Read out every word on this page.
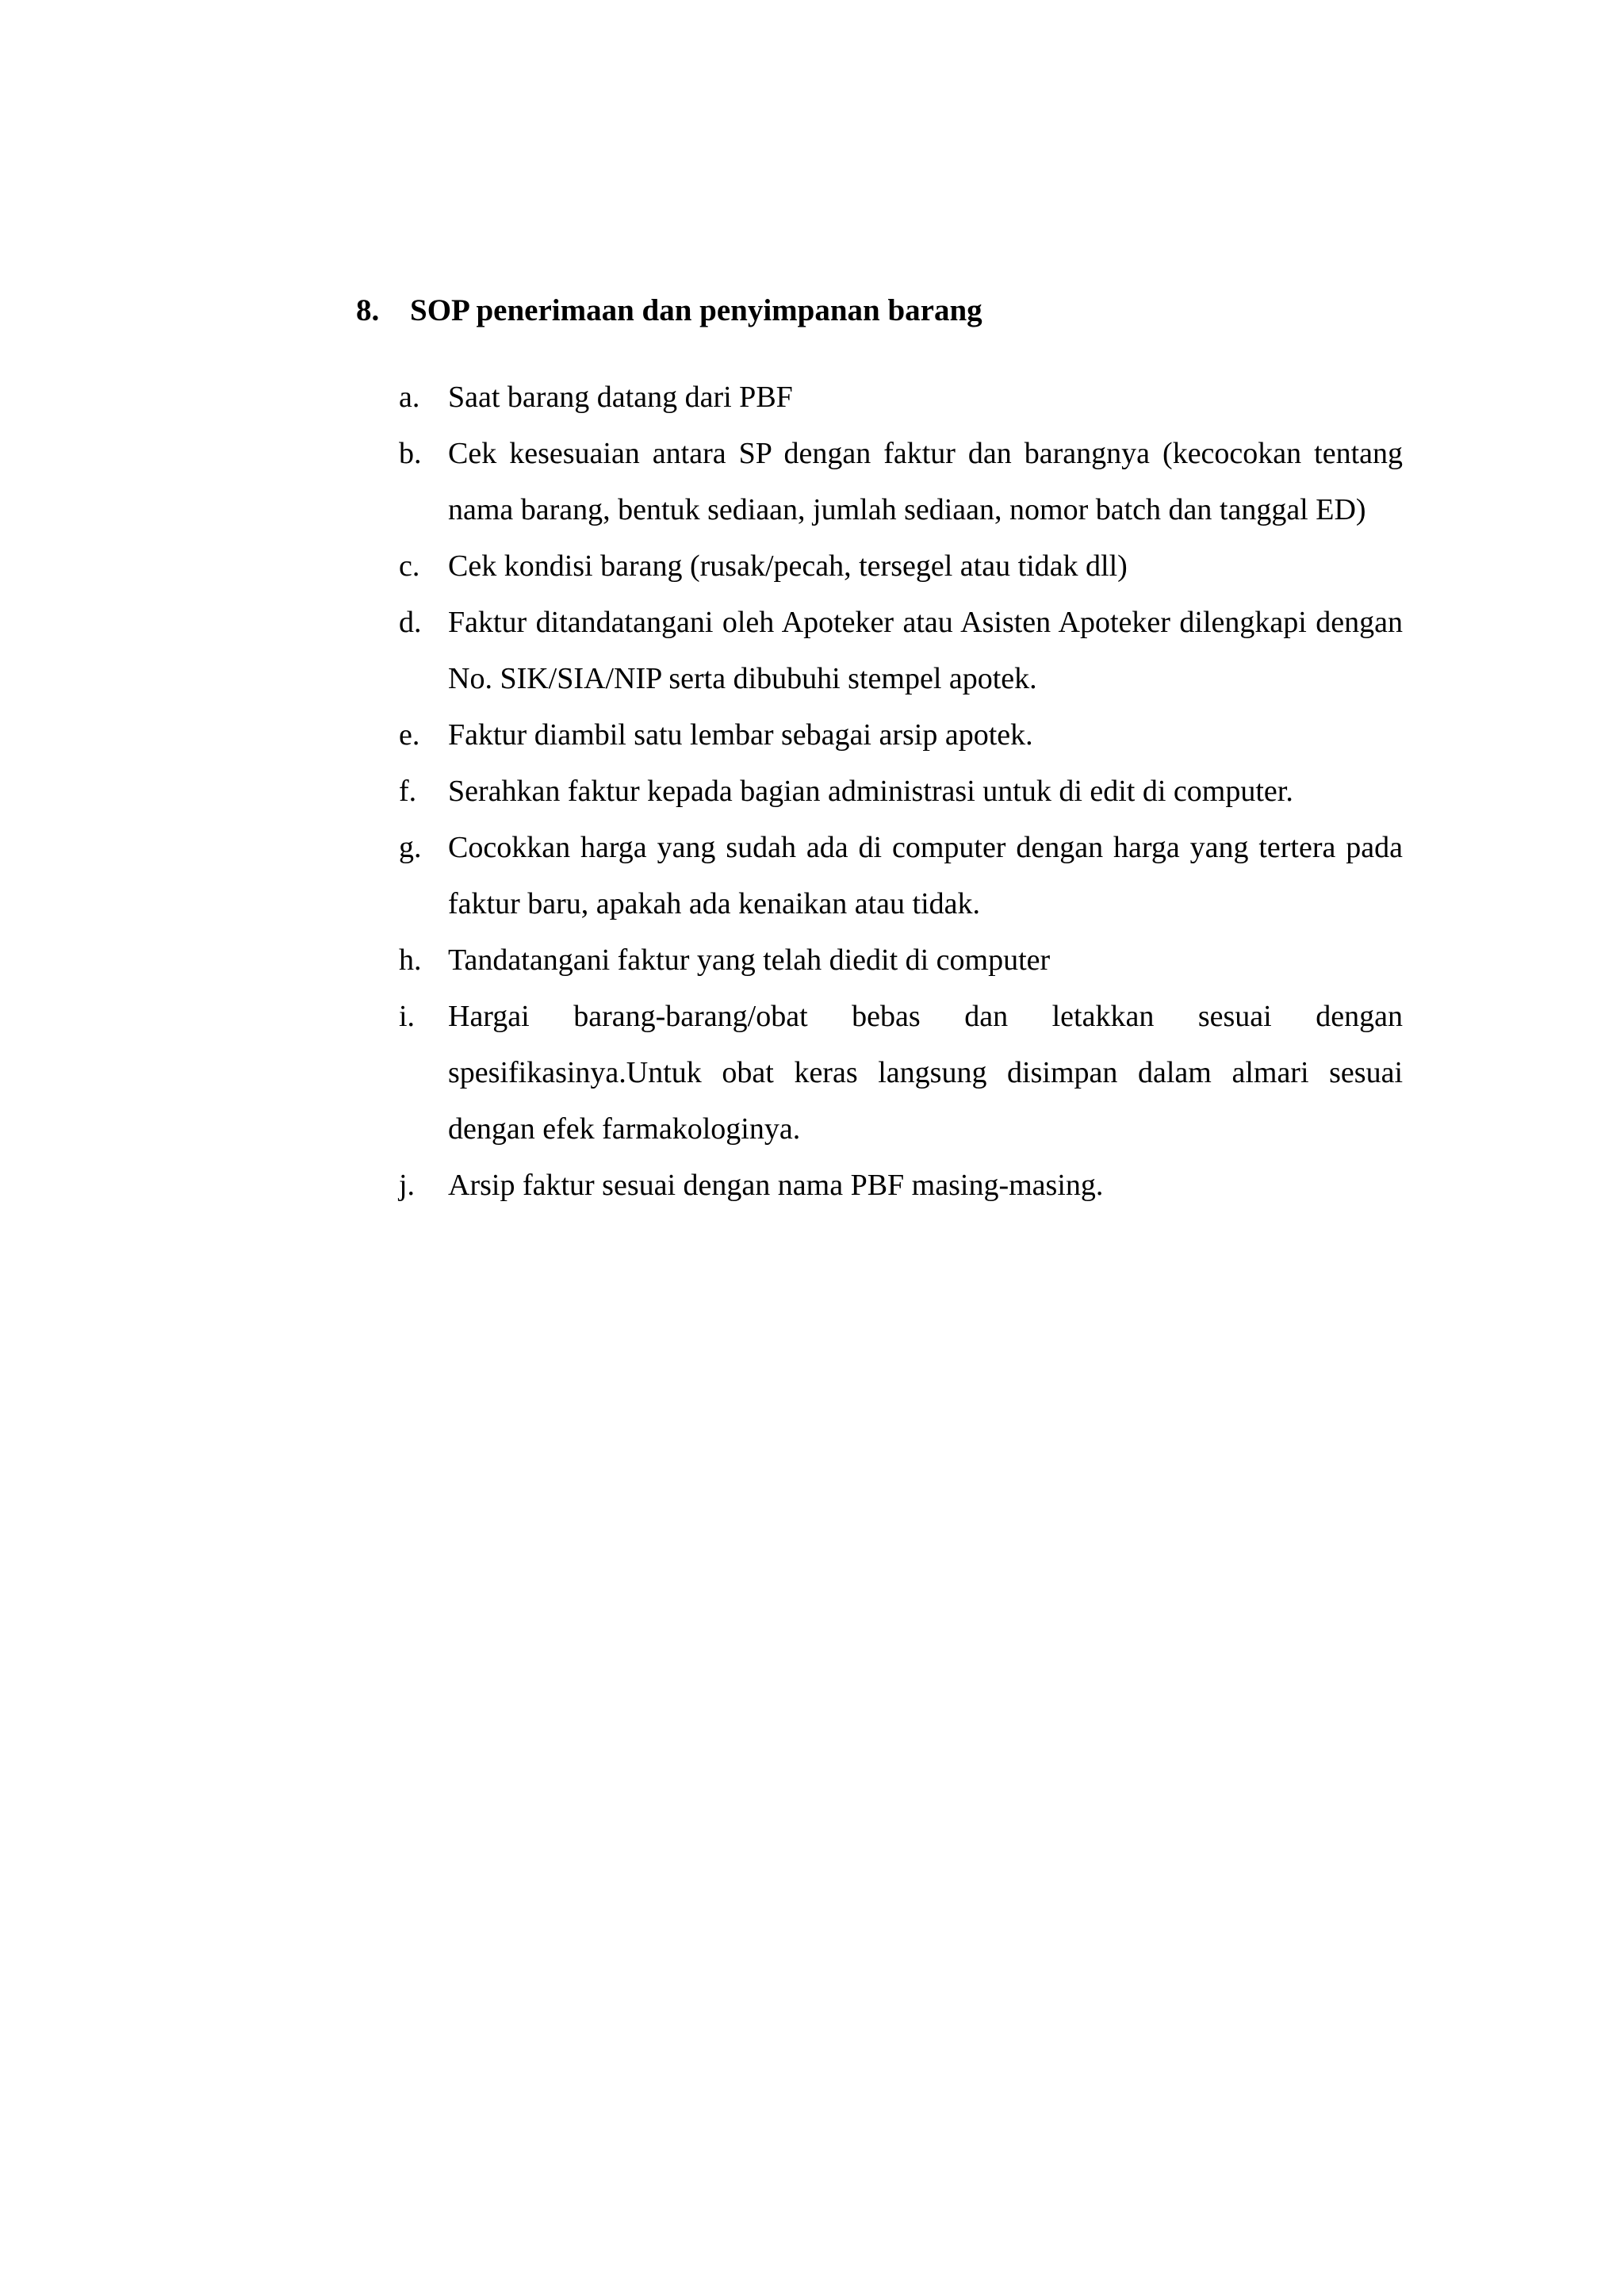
8. SOP penerimaan dan penyimpanan barang
a. Saat barang datang dari PBF
b. Cek kesesuaian antara SP dengan faktur dan barangnya (kecocokan tentang nama barang, bentuk sediaan, jumlah sediaan, nomor batch dan tanggal ED)
c. Cek kondisi barang (rusak/pecah, tersegel atau tidak dll)
d. Faktur ditandatangani oleh Apoteker atau Asisten Apoteker dilengkapi dengan No. SIK/SIA/NIP serta dibubuhi stempel apotek.
e. Faktur diambil satu lembar sebagai arsip apotek.
f.	Serahkan faktur kepada bagian administrasi untuk di edit di computer.
g. Cocokkan harga yang sudah ada di computer dengan harga yang tertera pada faktur baru, apakah ada kenaikan atau tidak.
h. Tandatangani faktur yang telah diedit di computer
i.	Hargai barang-barang/obat bebas dan letakkan sesuai dengan spesifikasinya.Untuk obat keras langsung disimpan dalam almari sesuai dengan efek farmakologinya.
j.	Arsip faktur sesuai dengan nama PBF masing-masing.
